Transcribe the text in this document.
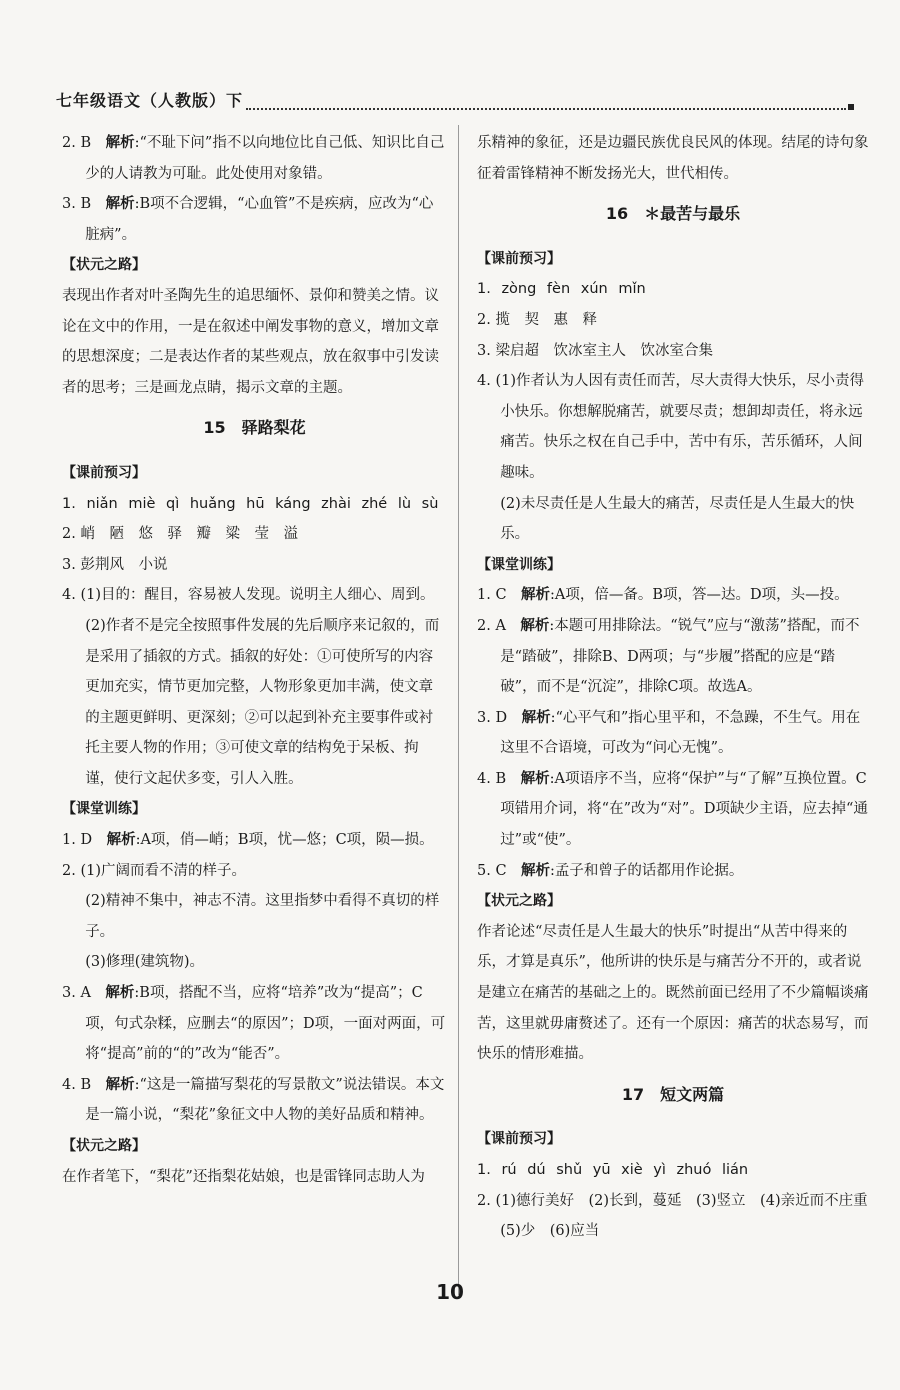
七年级语文（人教版）下

2. B　 解析:“不耻下问”指不以向地位比自己低、知识比自己少的人请教为可耻。此处使用对象错。

3. B　 解析:B项不合逻辑，“心血管”不是疾病，应改为“心脏病”。

【状元之路】

表现出作者对叶圣陶先生的追思缅怀、景仰和赞美之情。议论在文中的作用，一是在叙述中阐发事物的意义，增加文章的思想深度；二是表达作者的某些观点，放在叙事中引发读者的思考；三是画龙点睛，揭示文章的主题。

15　驿路梨花

【课前预习】

1. niǎn miè qì huǎng hū káng zhài zhé lù sù

2. 峭　陋　悠　驿　瓣　粱　莹　溢

3. 彭荆风　小说

4. (1)目的：醒目，容易被人发现。说明主人细心、周到。

(2)作者不是完全按照事件发展的先后顺序来记叙的，而是采用了插叙的方式。插叙的好处：①可使所写的内容更加充实，情节更加完整，人物形象更加丰满，使文章的主题更鲜明、更深刻；②可以起到补充主要事件或衬托主要人物的作用；③可使文章的结构免于呆板、拘谨，使行文起伏多变，引人入胜。

【课堂训练】

1. D　 解析:A项，俏—峭；B项，忧—悠；C项，陨—损。

2. (1)广阔而看不清的样子。

(2)精神不集中，神志不清。这里指梦中看得不真切的样子。

(3)修理(建筑物)。

3. A　 解析:B项，搭配不当，应将“培养”改为“提高”；C项，句式杂糅，应删去“的原因”；D项，一面对两面，可将“提高”前的“的”改为“能否”。

4. B　 解析:“这是一篇描写梨花的写景散文”说法错误。本文是一篇小说，“梨花”象征文中人物的美好品质和精神。

【状元之路】

在作者笔下，“梨花”还指梨花姑娘，也是雷锋同志助人为

乐精神的象征，还是边疆民族优良民风的体现。结尾的诗句象征着雷锋精神不断发扬光大，世代相传。

16　＊最苦与最乐

【课前预习】

1. zòng fèn xún mǐn

2. 揽　契　惠　释

3. 梁启超　饮冰室主人　饮冰室合集

4. (1)作者认为人因有责任而苦，尽大责得大快乐，尽小责得小快乐。你想解脱痛苦，就要尽责；想卸却责任，将永远痛苦。快乐之权在自己手中，苦中有乐，苦乐循环，人间趣味。

(2)未尽责任是人生最大的痛苦，尽责任是人生最大的快乐。

【课堂训练】

1. C　 解析:A项，倍—备。B项，答—达。D项，头—投。

2. A　 解析:本题可用排除法。“锐气”应与“激荡”搭配，而不是“踏破”，排除B、D两项；与“步履”搭配的应是“踏破”，而不是“沉淀”，排除C项。故选A。

3. D　 解析:“心平气和”指心里平和，不急躁，不生气。用在这里不合语境，可改为“问心无愧”。

4. B　 解析:A项语序不当，应将“保护”与“了解”互换位置。C项错用介词，将“在”改为“对”。D项缺少主语，应去掉“通过”或“使”。

5. C　 解析:孟子和曾子的话都用作论据。

【状元之路】

作者论述“尽责任是人生最大的快乐”时提出“从苦中得来的乐，才算是真乐”，他所讲的快乐是与痛苦分不开的，或者说是建立在痛苦的基础之上的。既然前面已经用了不少篇幅谈痛苦，这里就毋庸赘述了。还有一个原因：痛苦的状态易写，而快乐的情形难描。

17　短文两篇

【课前预习】

1. rú dú shǔ yū xiè yì zhuó lián

2. (1)德行美好　(2)长到，蔓延　(3)竖立　(4)亲近而不庄重　(5)少　(6)应当

10
